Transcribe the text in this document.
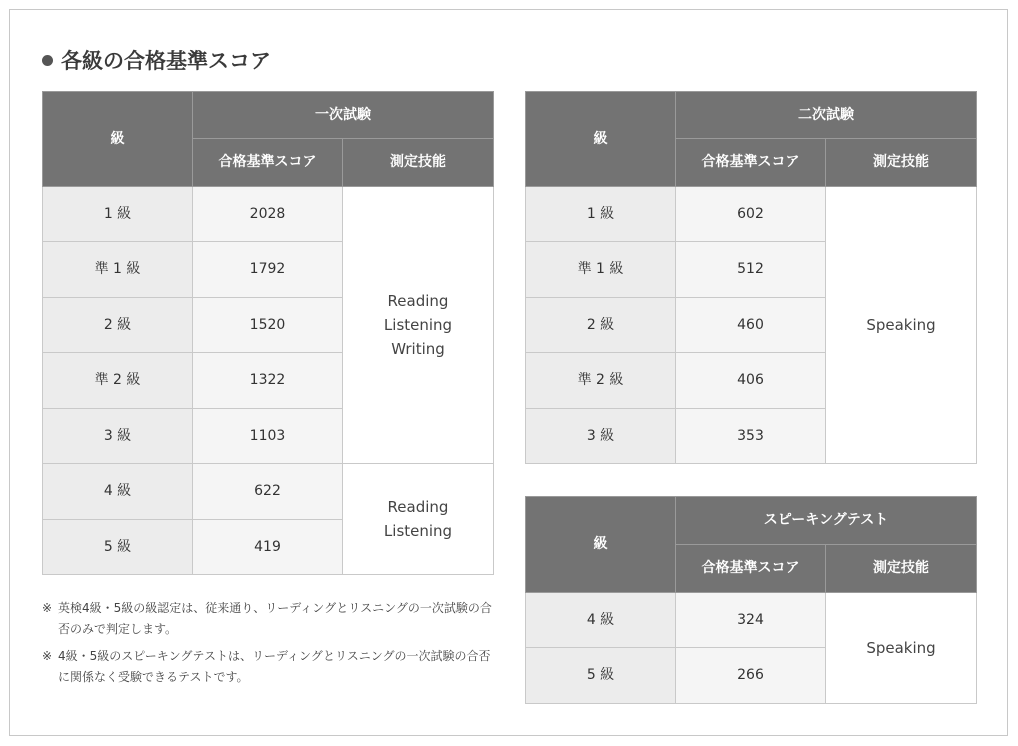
各級の合格基準スコア
級	一次試験	
	合格基準スコア	測定技能
1 級	2028	Reading
Listening
Writing

準 1 級	1792	
2 級	1520	
準 2 級	1322	
3 級	1103	
4 級	622	Reading
Listening

5 級	419	
級	二次試験	
	合格基準スコア	測定技能
1 級	602	Speaking
準 1 級	512	
2 級	460	
準 2 級	406	
3 級	353	
級	スピーキングテスト	
	合格基準スコア	測定技能
4 級	324	Speaking
5 級	266	
※ 英検4級・5級の級認定は、従来通り、リーディングとリスニングの一次試験の合否のみで判定します。
※ 4級・5級のスピーキングテストは、リーディングとリスニングの一次試験の合否に関係なく受験できるテストです。
